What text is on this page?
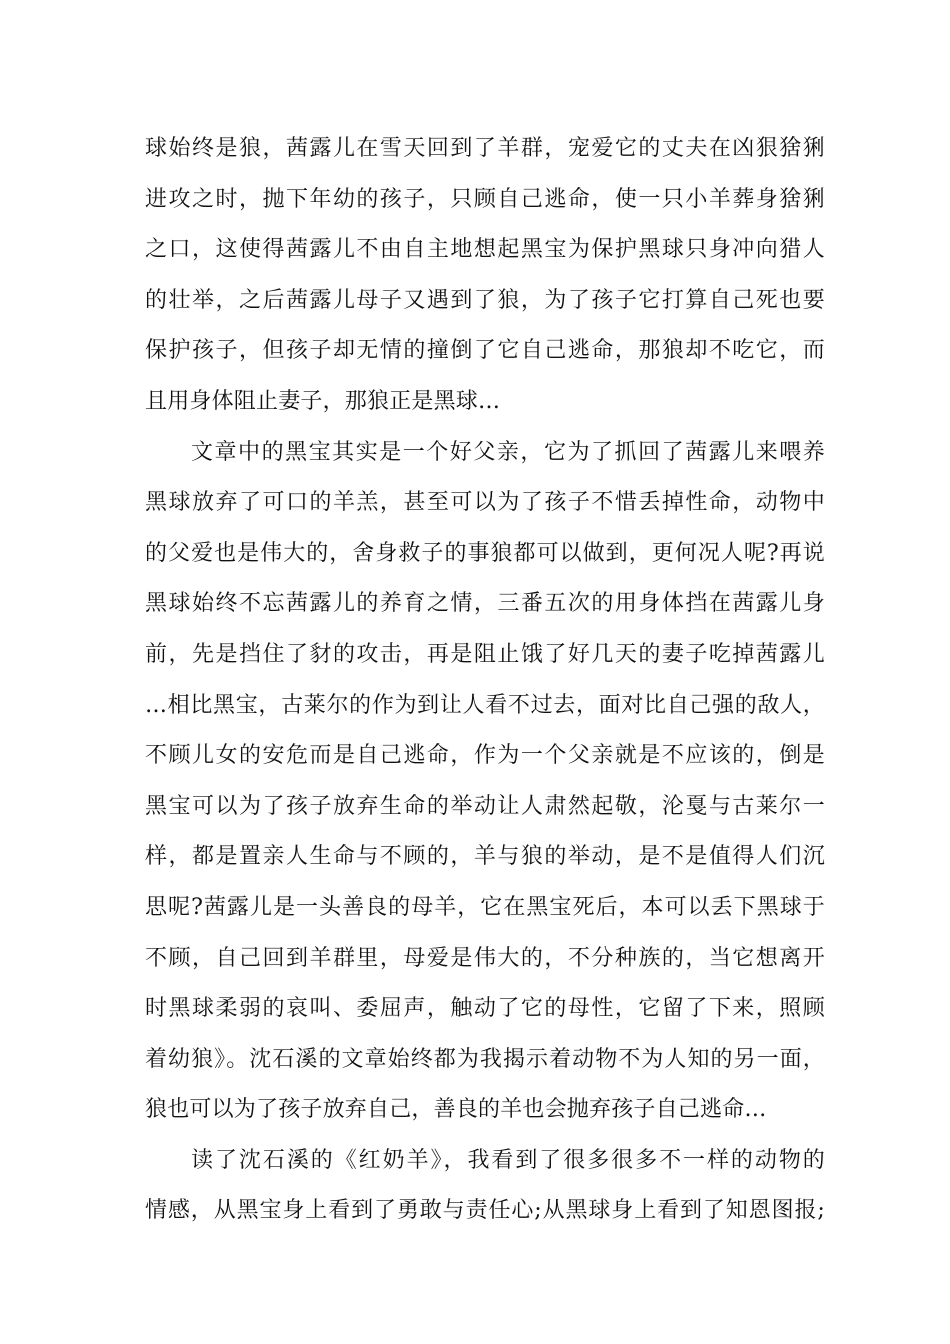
球始终是狼，茜露儿在雪天回到了羊群，宠爱它的丈夫在凶狠猞猁
进攻之时，抛下年幼的孩子，只顾自己逃命，使一只小羊葬身猞猁
之口，这使得茜露儿不由自主地想起黑宝为保护黑球只身冲向猎人
的壮举，之后茜露儿母子又遇到了狼，为了孩子它打算自己死也要
保护孩子，但孩子却无情的撞倒了它自己逃命，那狼却不吃它，而
且用身体阻止妻子，那狼正是黑球…
文章中的黑宝其实是一个好父亲，它为了抓回了茜露儿来喂养
黑球放弃了可口的羊羔，甚至可以为了孩子不惜丢掉性命，动物中
的父爱也是伟大的，舍身救子的事狼都可以做到，更何况人呢?再说
黑球始终不忘茜露儿的养育之情，三番五次的用身体挡在茜露儿身
前，先是挡住了豺的攻击，再是阻止饿了好几天的妻子吃掉茜露儿
…相比黑宝，古莱尔的作为到让人看不过去，面对比自己强的敌人，
不顾儿女的安危而是自己逃命，作为一个父亲就是不应该的，倒是
黑宝可以为了孩子放弃生命的举动让人肃然起敬，沦戛与古莱尔一
样，都是置亲人生命与不顾的，羊与狼的举动，是不是值得人们沉
思呢?茜露儿是一头善良的母羊，它在黑宝死后，本可以丢下黑球于
不顾，自己回到羊群里，母爱是伟大的，不分种族的，当它想离开
时黑球柔弱的哀叫、委屈声，触动了它的母性，它留了下来，照顾
着幼狼》。沈石溪的文章始终都为我揭示着动物不为人知的另一面，
狼也可以为了孩子放弃自己，善良的羊也会抛弃孩子自己逃命…
读了沈石溪的《红奶羊》，我看到了很多很多不一样的动物的
情感，从黑宝身上看到了勇敢与责任心;从黑球身上看到了知恩图报;
